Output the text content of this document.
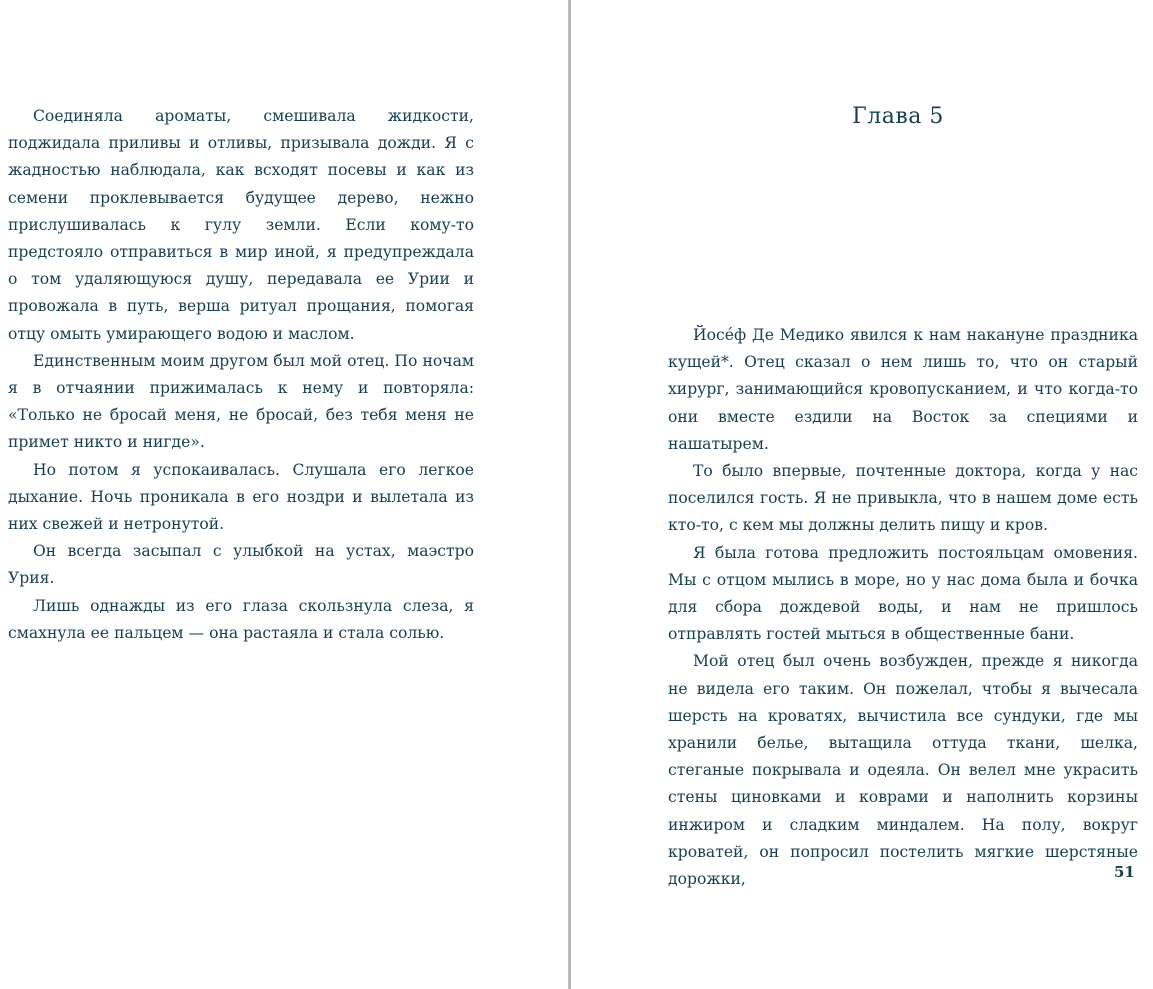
Соединяла ароматы, смешивала жидкости, поджидала приливы и отливы, призывала дожди. Я с жадностью наблюдала, как всходят посевы и как из семени проклевывается будущее дерево, нежно прислушивалась к гулу земли. Если кому-то предстояло отправиться в мир иной, я предупреждала о том удаляющуюся душу, передавала ее Урии и провожала в путь, верша ритуал прощания, помогая отцу омыть умирающего водою и маслом.

Единственным моим другом был мой отец. По ночам я в отчаянии прижималась к нему и повторяла: «Только не бросай меня, не бросай, без тебя меня не примет никто и нигде».

Но потом я успокаивалась. Слушала его легкое дыхание. Ночь проникала в его ноздри и вылетала из них свежей и нетронутой.

Он всегда засыпал с улыбкой на устах, маэстро Урия.

Лишь однажды из его глаза скользнула слеза, я смахнула ее пальцем — она растаяла и стала солью.

Глава 5

Йосéф Де Медико явился к нам накануне праздника кущей*. Отец сказал о нем лишь то, что он старый хирург, занимающийся кровопусканием, и что когда-то они вместе ездили на Восток за специями и нашатырем.

То было впервые, почтенные доктора, когда у нас поселился гость. Я не привыкла, что в нашем доме есть кто-то, с кем мы должны делить пищу и кров.

Я была готова предложить постояльцам омовения. Мы с отцом мылись в море, но у нас дома была и бочка для сбора дождевой воды, и нам не пришлось отправлять гостей мыться в общественные бани.

Мой отец был очень возбужден, прежде я никогда не видела его таким. Он пожелал, чтобы я вычесала шерсть на кроватях, вычистила все сундуки, где мы хранили белье, вытащила оттуда ткани, шелка, стеганые покрывала и одеяла. Он велел мне украсить стены циновками и коврами и наполнить корзины инжиром и сладким миндалем. На полу, вокруг кроватей, он попросил постелить мягкие шерстяные дорожки,	51
